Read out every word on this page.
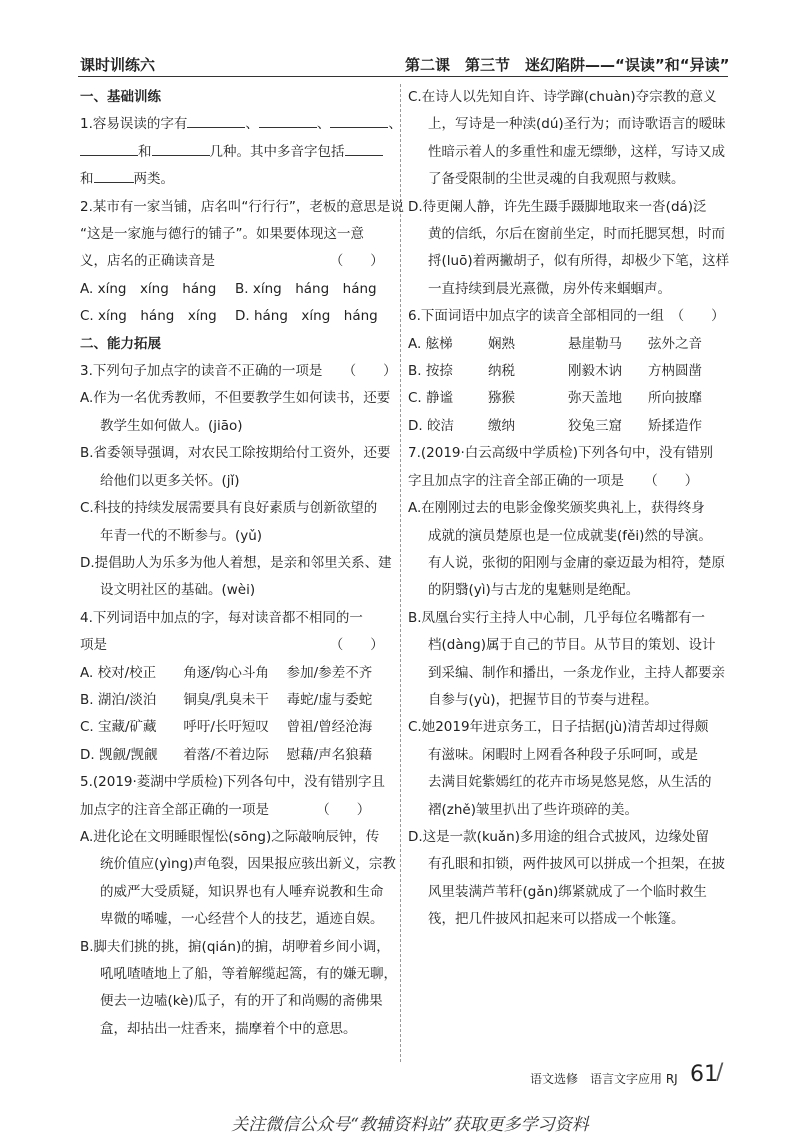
课时训练六	第二课　第三节　迷幻陷阱——“误读”和“异读”
一、基础训练
1.容易误读的字有	、	、	、
和	几种。其中多音字包括
和	两类。
2.某市有一家当铺，店名叫“行行行”，老板的意思是说
“这是一家施与德行的铺子”。如果要体现这一意
义，店名的正确读音是　　　　　　　　　（　　）
A. xíng　xíng　háng	B. xíng　háng　háng
C. xíng　háng　xíng	D. háng　xíng　háng
二、能力拓展
3.下列句子加点字的读音不正确的一项是　　（　　）
A.作为一名优秀教师，不但要教学生如何读书，还要
教学生如何做人。(jiāo)
B.省委领导强调，对农民工除按期给付工资外，还要
给他们以更多关怀。(jǐ)
C.科技的持续发展需要具有良好素质与创新欲望的
年青一代的不断参与。(yǔ)
D.提倡助人为乐多为他人着想，是亲和邻里关系、建
设文明社区的基础。(wèi)
4.下列词语中加点的字，每对读音都不相同的一
项是　　　　　　　　　　　　　　　　　（　　）
A. 校对/校正	角逐/钩心斗角	参加/参差不齐
B. 湖泊/淡泊	铜臭/乳臭未干	毒蛇/虚与委蛇
C. 宝藏/矿藏	呼吁/长吁短叹	曾祖/曾经沧海
D. 觊觎/觊觎	着落/不着边际	慰藉/声名狼藉
5.(2019·菱湖中学质检)下列各句中，没有错别字且
加点字的注音全部正确的一项是　　　　（　　）
A.进化论在文明睡眼惺忪(sōng)之际敲响辰钟，传
统价值应(yìng)声龟裂，因果报应骇出新义，宗教
的威严大受质疑，知识界也有人唾弃说教和生命
卑微的唏嘘，一心经营个人的技艺，遁迹自娱。
B.脚夫们挑的挑，掮(qián)的掮，胡咿着乡间小调，
吼吼喳喳地上了船，等着解缆起篙，有的嫌无聊，
便去一边嗑(kè)瓜子，有的开了和尚赐的斋佛果
盒，却拈出一炷香来，揣摩着个中的意思。
C.在诗人以先知自许、诗学蹿(chuàn)夺宗教的意义
上，写诗是一种渎(dú)圣行为；而诗歌语言的暧昧
性暗示着人的多重性和虚无缥缈，这样，写诗又成
了备受限制的尘世灵魂的自我观照与救赎。
D.待更阑人静，许先生蹑手蹑脚地取来一沓(dá)泛
黄的信纸，尔后在窗前坐定，时而托腮冥想，时而
捋(luō)着两撇胡子，似有所得，却极少下笔，这样
一直持续到晨光熹微，房外传来蝈蝈声。
6.下面词语中加点字的读音全部相同的一组　（　　）
A. 舷梯	娴熟	悬崖勒马	弦外之音
B. 按捺	纳税	刚毅木讷	方枘圆凿
C. 静谧	猕猴	弥天盖地	所向披靡
D. 皎洁	缴纳	狡兔三窟	矫揉造作
7.(2019·白云高级中学质检)下列各句中，没有错别
字且加点字的注音全部正确的一项是　　（　　）
A.在刚刚过去的电影金像奖颁奖典礼上，获得终身
成就的演员楚原也是一位成就斐(fěi)然的导演。
有人说，张彻的阳刚与金庸的豪迈最为相符，楚原
的阴翳(yì)与古龙的鬼魅则是绝配。
B.凤凰台实行主持人中心制，几乎每位名嘴都有一
档(dàng)属于自己的节目。从节目的策划、设计
到采编、制作和播出，一条龙作业，主持人都要亲
自参与(yù)，把握节目的节奏与进程。
C.她2019年进京务工，日子拮据(jù)清苦却过得颇
有滋味。闲暇时上网看各种段子乐呵呵，或是
去满目姹紫嫣红的花卉市场晃悠晃悠，从生活的
褶(zhě)皱里扒出了些许琐碎的美。
D.这是一款(kuǎn)多用途的组合式披风，边缘处留
有孔眼和扣锁，两件披风可以拼成一个担架，在披
风里装满芦苇秆(gǎn)绑紧就成了一个临时救生
筏，把几件披风扣起来可以搭成一个帐篷。
语文选修　语言文字应用 RJ 61
/
关注微信公众号“教辅资料站”获取更多学习资料
